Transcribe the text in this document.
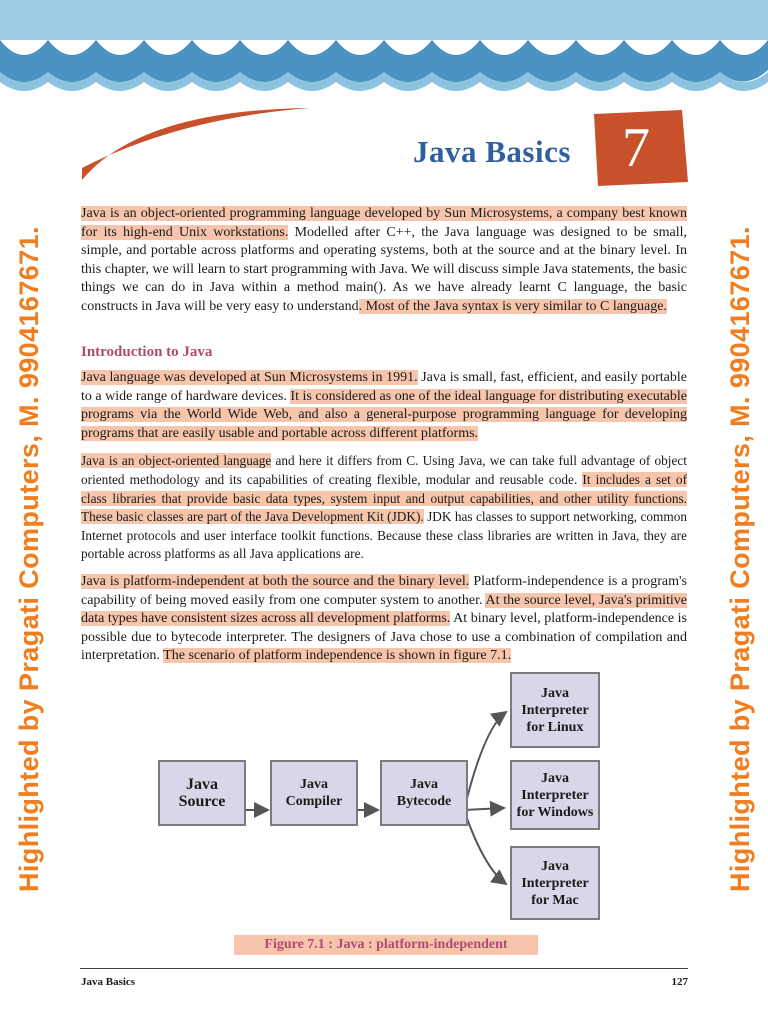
Java Basics 7
Highlighted by Pragati Computers, M. 9904167671.	Highlighted by Pragati Computers, M. 9904167671.

Java is an object-oriented programming language developed by Sun Microsystems, a company best known for its high-end Unix workstations. Modelled after C++, the Java language was designed to be small, simple, and portable across platforms and operating systems, both at the source and at the binary level. In this chapter, we will learn to start programming with Java. We will discuss simple Java statements, the basic things we can do in Java within a method main(). As we have already learnt C language, the basic constructs in Java will be very easy to understand. Most of the Java syntax is very similar to C language.

Introduction to Java

Java language was developed at Sun Microsystems in 1991. Java is small, fast, efficient, and easily portable to a wide range of hardware devices. It is considered as one of the ideal language for distributing executable programs via the World Wide Web, and also a general-purpose programming language for developing programs that are easily usable and portable across different platforms.

Java is an object-oriented language and here it differs from C. Using Java, we can take full advantage of object oriented methodology and its capabilities of creating flexible, modular and reusable code. It includes a set of class libraries that provide basic data types, system input and output capabilities, and other utility functions. These basic classes are part of the Java Development Kit (JDK). JDK has classes to support networking, common Internet protocols and user interface toolkit functions. Because these class libraries are written in Java, they are portable across platforms as all Java applications are.

Java is platform-independent at both the source and the binary level. Platform-independence is a program's capability of being moved easily from one computer system to another. At the source level, Java's primitive data types have consistent sizes across all development platforms. At binary level, platform-independence is possible due to bytecode interpreter. The designers of Java chose to use a combination of compilation and interpretation. The scenario of platform independence is shown in figure 7.1.

Java
Source
Java
Compiler
Java
Bytecode
Java
Interpreter
for Linux
Java
Interpreter
for Windows
Java
Interpreter
for Mac
Figure 7.1 : Java : platform-independent
Java Basics	127
